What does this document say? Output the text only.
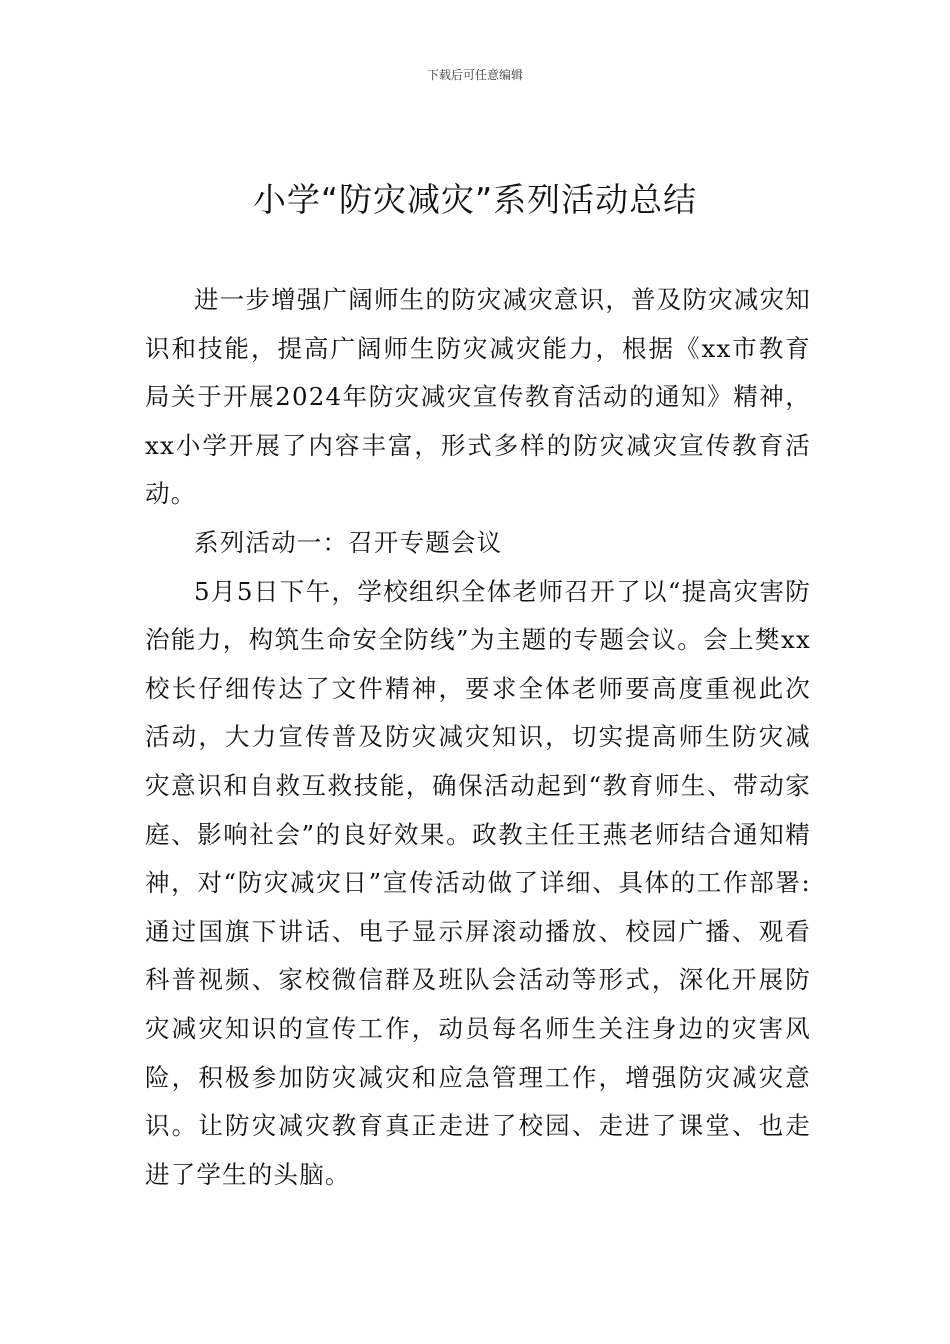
下载后可任意编辑
小学“防灾减灾”系列活动总结

进一步增强广阔师生的防灾减灾意识，普及防灾减灾知识和技能，提高广阔师生防灾减灾能力，根据《xx市教育局关于开展2024年防灾减灾宣传教育活动的通知》精神，xx小学开展了内容丰富，形式多样的防灾减灾宣传教育活动。

系列活动一：召开专题会议

5月5日下午，学校组织全体老师召开了以“提高灾害防治能力，构筑生命安全防线”为主题的专题会议。会上樊xx校长仔细传达了文件精神，要求全体老师要高度重视此次活动，大力宣传普及防灾减灾知识，切实提高师生防灾减灾意识和自救互救技能，确保活动起到“教育师生、带动家庭、影响社会”的良好效果。政教主任王燕老师结合通知精神，对“防灾减灾日”宣传活动做了详细、具体的工作部署:通过国旗下讲话、电子显示屏滚动播放、校园广播、观看科普视频、家校微信群及班队会活动等形式，深化开展防灾减灾知识的宣传工作，动员每名师生关注身边的灾害风险，积极参加防灾减灾和应急管理工作，增强防灾减灾意识。让防灾减灾教育真正走进了校园、走进了课堂、也走进了学生的头脑。
